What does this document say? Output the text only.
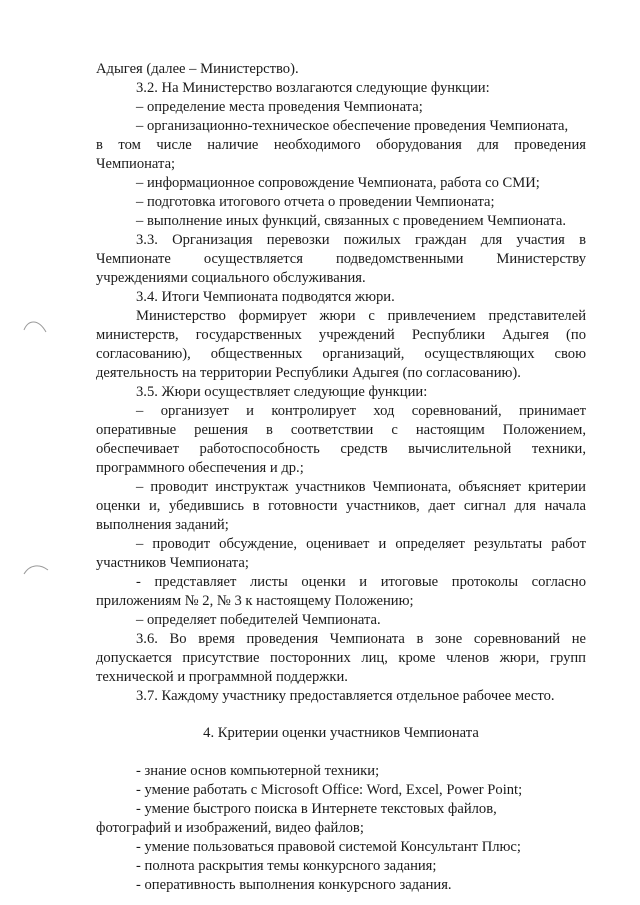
Адыгея (далее – Министерство).

3.2. На Министерство возлагаются следующие функции:

– определение места проведения Чемпионата;

– организационно-техническое обеспечение проведения Чемпионата,

в том числе наличие необходимого оборудования для проведения

Чемпионата;

– информационное сопровождение Чемпионата, работа со СМИ;

– подготовка итогового отчета о проведении Чемпионата;

– выполнение иных функций, связанных с проведением Чемпионата.

3.3. Организация перевозки пожилых граждан для участия в

Чемпионате осуществляется подведомственными Министерству

учреждениями социального обслуживания.

3.4. Итоги Чемпионата подводятся жюри.

Министерство формирует жюри с привлечением представителей

министерств, государственных учреждений Республики Адыгея (по

согласованию), общественных организаций, осуществляющих свою

деятельность на территории Республики Адыгея (по согласованию).

3.5. Жюри осуществляет следующие функции:

– организует и контролирует ход соревнований, принимает

оперативные решения в соответствии с настоящим Положением,

обеспечивает работоспособность средств вычислительной техники,

программного обеспечения и др.;

– проводит инструктаж участников Чемпионата, объясняет критерии

оценки и, убедившись в готовности участников, дает сигнал для начала

выполнения заданий;

– проводит обсуждение, оценивает и определяет результаты работ

участников Чемпионата;

- представляет листы оценки и итоговые протоколы согласно

приложениям № 2, № 3 к настоящему Положению;

– определяет победителей Чемпионата.

3.6. Во время проведения Чемпионата в зоне соревнований не

допускается присутствие посторонних лиц, кроме членов жюри, групп

технической и программной поддержки.

3.7. Каждому участнику предоставляется отдельное рабочее место.

4. Критерии оценки участников Чемпионата

- знание основ компьютерной техники;

- умение работать с Microsoft Office: Word, Excel, Power Point;

- умение быстрого поиска в Интернете текстовых файлов,

фотографий и изображений, видео файлов;

- умение пользоваться правовой системой Консультант Плюс;

- полнота раскрытия темы конкурсного задания;

- оперативность выполнения конкурсного задания.
